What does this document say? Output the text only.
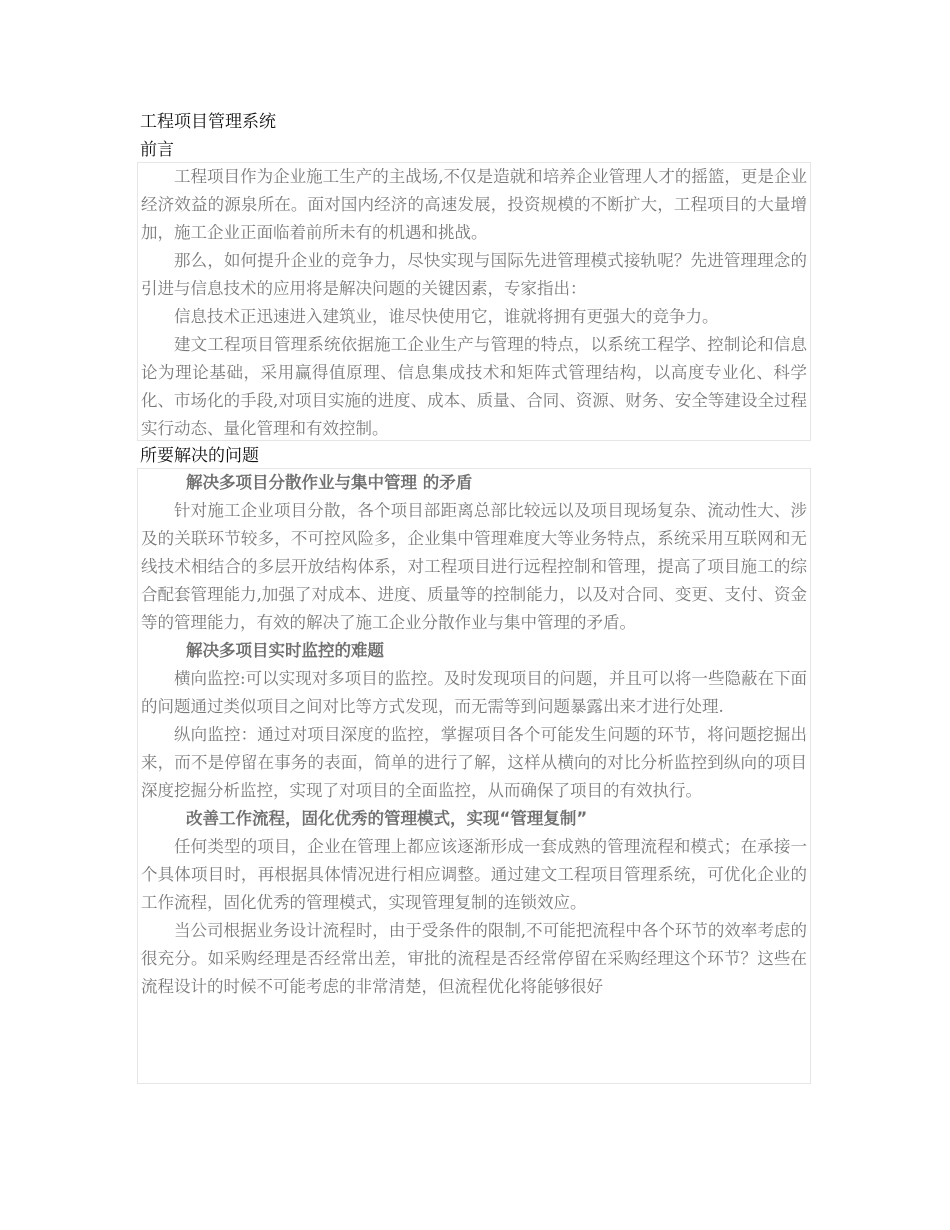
工程项目管理系统
前言

工程项目作为企业施工生产的主战场,不仅是造就和培养企业管理人才的摇篮，更是企业经济效益的源泉所在。面对国内经济的高速发展，投资规模的不断扩大，工程项目的大量增加，施工企业正面临着前所未有的机遇和挑战。

那么，如何提升企业的竞争力，尽快实现与国际先进管理模式接轨呢？先进管理理念的引进与信息技术的应用将是解决问题的关键因素，专家指出：

信息技术正迅速进入建筑业，谁尽快使用它，谁就将拥有更强大的竞争力。

建文工程项目管理系统依据施工企业生产与管理的特点，以系统工程学、控制论和信息论为理论基础，采用赢得值原理、信息集成技术和矩阵式管理结构，以高度专业化、科学化、市场化的手段,对项目实施的进度、成本、质量、合同、资源、财务、安全等建设全过程实行动态、量化管理和有效控制。

所要解决的问题

解决多项目分散作业与集中管理 的矛盾

针对施工企业项目分散，各个项目部距离总部比较远以及项目现场复杂、流动性大、涉及的关联环节较多，不可控风险多，企业集中管理难度大等业务特点，系统采用互联网和无线技术相结合的多层开放结构体系，对工程项目进行远程控制和管理，提高了项目施工的综合配套管理能力,加强了对成本、进度、质量等的控制能力，以及对合同、变更、支付、资金等的管理能力，有效的解决了施工企业分散作业与集中管理的矛盾。

解决多项目实时监控的难题

横向监控:可以实现对多项目的监控。及时发现项目的问题，并且可以将一些隐蔽在下面的问题通过类似项目之间对比等方式发现，而无需等到问题暴露出来才进行处理.

纵向监控：通过对项目深度的监控，掌握项目各个可能发生问题的环节，将问题挖掘出来，而不是停留在事务的表面，简单的进行了解，这样从横向的对比分析监控到纵向的项目深度挖掘分析监控，实现了对项目的全面监控，从而确保了项目的有效执行。

改善工作流程，固化优秀的管理模式，实现“管理复制”

任何类型的项目，企业在管理上都应该逐渐形成一套成熟的管理流程和模式；在承接一个具体项目时，再根据具体情况进行相应调整。通过建文工程项目管理系统，可优化企业的工作流程，固化优秀的管理模式，实现管理复制的连锁效应。

当公司根据业务设计流程时，由于受条件的限制,不可能把流程中各个环节的效率考虑的很充分。如采购经理是否经常出差，审批的流程是否经常停留在采购经理这个环节？这些在流程设计的时候不可能考虑的非常清楚，但流程优化将能够很好
